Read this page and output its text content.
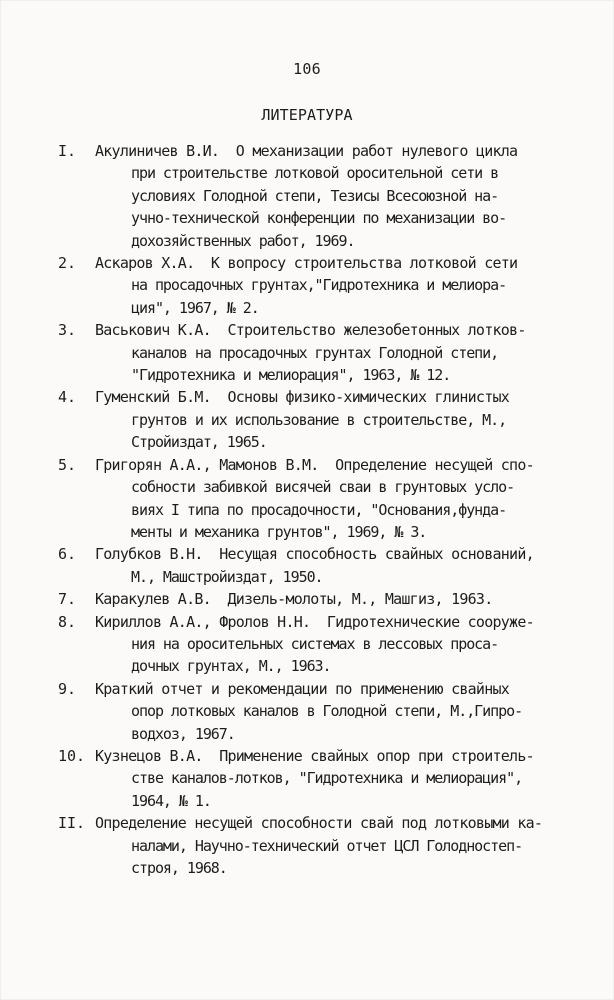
106
ЛИТЕРАТУРА
I.	Акулиничев В.И.  О механизации работ нулевого цикла
при строительстве лотковой оросительной сети в
условиях Голодной степи, Тезисы Всесоюзной на-
учно-технической конференции по механизации во-
дохозяйственных работ, 1969.
2.	Аскаров Х.А.  К вопросу строительства лотковой сети
на просадочных грунтах,"Гидротехника и мелиора-
ция", 1967, № 2.
3.	Васькович К.А.  Строительство железобетонных лотков-
каналов на просадочных грунтах Голодной степи,
"Гидротехника и мелиорация", 1963, № 12.
4.	Гуменский Б.М.  Основы физико-химических глинистых
грунтов и их использование в строительстве, М.,
Стройиздат, 1965.
5.	Григорян А.А., Мамонов В.М.  Определение несущей спо-
собности забивкой висячей сваи в грунтовых усло-
виях I типа по просадочности, "Основания,фунда-
менты и механика грунтов", 1969, № 3.
6.	Голубков В.Н.  Несущая способность свайных оснований,
М., Машстройиздат, 1950.
7.	Каракулев А.В.  Дизель-молоты, М., Машгиз, 1963.
8.	Кириллов А.А., Фролов Н.Н.  Гидротехнические сооруже-
ния на оросительных системах в лессовых проса-
дочных грунтах, М., 1963.
9.	Краткий отчет и рекомендации по применению свайных
опор лотковых каналов в Голодной степи, М.,Гипро-
водхоз, 1967.
10. Кузнецов В.А.  Применение свайных опор при строитель-
стве каналов-лотков, "Гидротехника и мелиорация",
1964, № 1.
II. Определение несущей способности свай под лотковыми ка-
налами, Научно-технический отчет ЦСЛ Голодностеп-
строя, 1968.
